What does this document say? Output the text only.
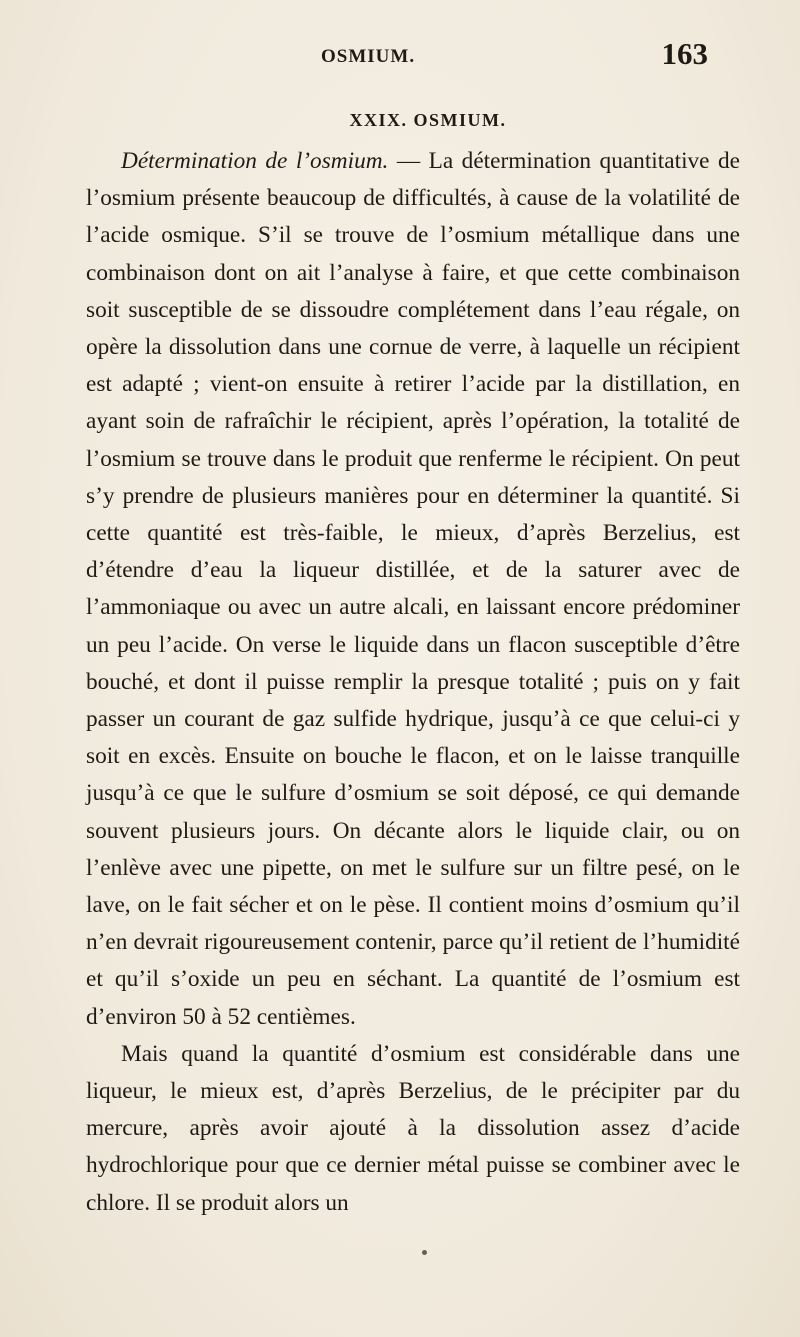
OSMIUM.	163
XXIX. OSMIUM.

Détermination de l’osmium. — La détermination quantitative de l’osmium présente beaucoup de difficultés, à cause de la volatilité de l’acide osmique. S’il se trouve de l’osmium métallique dans une combinaison dont on ait l’analyse à faire, et que cette combinaison soit susceptible de se dissoudre complétement dans l’eau régale, on opère la dissolution dans une cornue de verre, à laquelle un récipient est adapté ; vient-on ensuite à retirer l’acide par la distillation, en ayant soin de rafraîchir le récipient, après l’opération, la totalité de l’osmium se trouve dans le produit que renferme le récipient. On peut s’y prendre de plusieurs manières pour en déterminer la quantité. Si cette quantité est très-faible, le mieux, d’après Berzelius, est d’étendre d’eau la liqueur distillée, et de la saturer avec de l’ammoniaque ou avec un autre alcali, en laissant encore prédominer un peu l’acide. On verse le liquide dans un flacon susceptible d’être bouché, et dont il puisse remplir la presque totalité ; puis on y fait passer un courant de gaz sulfide hydrique, jusqu’à ce que celui-ci y soit en excès. Ensuite on bouche le flacon, et on le laisse tranquille jusqu’à ce que le sulfure d’osmium se soit déposé, ce qui demande souvent plusieurs jours. On décante alors le liquide clair, ou on l’enlève avec une pipette, on met le sulfure sur un filtre pesé, on le lave, on le fait sécher et on le pèse. Il contient moins d’osmium qu’il n’en devrait rigoureusement contenir, parce qu’il retient de l’humidité et qu’il s’oxide un peu en séchant. La quantité de l’osmium est d’environ 50 à 52 centièmes.

Mais quand la quantité d’osmium est considérable dans une liqueur, le mieux est, d’après Berzelius, de le précipiter par du mercure, après avoir ajouté à la dissolution assez d’acide hydrochlorique pour que ce dernier métal puisse se combiner avec le chlore. Il se produit alors un
